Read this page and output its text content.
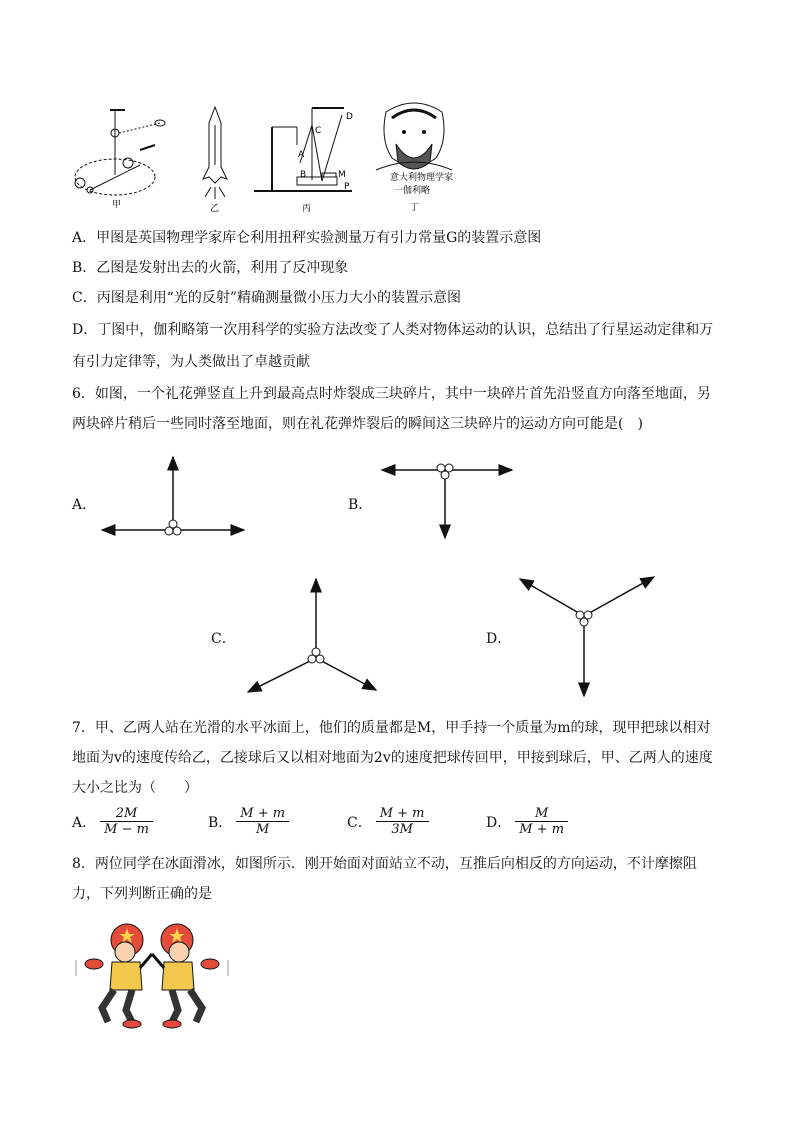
甲	乙
A
C
D
B	M
P
丙
意大利物理学家
一伽利略
丁
A．甲图是英国物理学家库仑利用扭秤实验测量万有引力常量G的装置示意图
B．乙图是发射出去的火箭，利用了反冲现象
C．丙图是利用“光的反射”精确测量微小压力大小的装置示意图
D．丁图中，伽利略第一次用科学的实验方法改变了人类对物体运动的认识，总结出了行星运动定律和万
有引力定律等，为人类做出了卓越贡献
6．如图，一个礼花弹竖直上升到最高点时炸裂成三块碎片，其中一块碎片首先沿竖直方向落至地面，另
两块碎片稍后一些同时落至地面，则在礼花弹炸裂后的瞬间这三块碎片的运动方向可能是(　)
A．	B．
C．	D．
7．甲、乙两人站在光滑的水平冰面上，他们的质量都是M，甲手持一个质量为m的球，现甲把球以相对
地面为v的速度传给乙，乙接球后又以相对地面为2v的速度把球传回甲，甲接到球后，甲、乙两人的速度
大小之比为（　　）
A． $\frac{2M}{M - m}$	B． $\frac{M + m}{M}$	C． $\frac{M + m}{3M}$	D． $\frac{M}{M + m}$
8．两位同学在冰面滑冰，如图所示．刚开始面对面站立不动，互推后向相反的方向运动，不计摩擦阻
力，下列判断正确的是
